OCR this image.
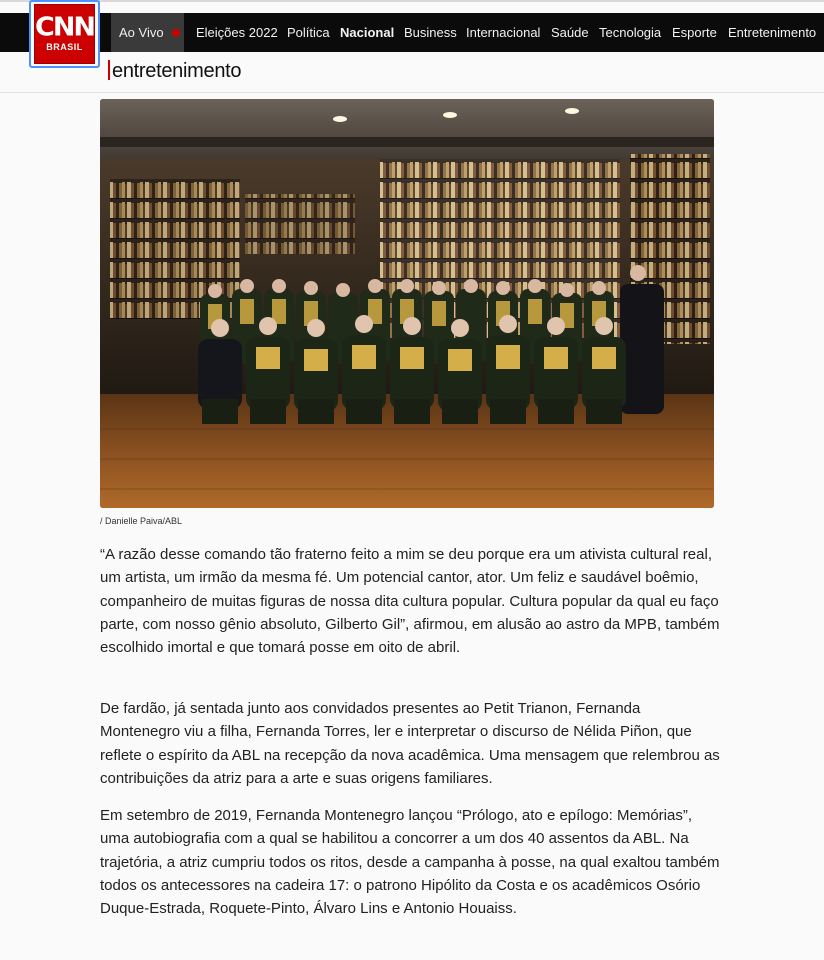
Ao Vivo Eleições 2022 Política Nacional Business Internacional Saúde Tecnologia Esporte Entretenimento
CNN
BRASIL
entretenimento
/ Danielle Paiva/ABL

“A razão desse comando tão fraterno feito a mim se deu porque era um ativista cultural real, um artista, um irmão da mesma fé. Um potencial cantor, ator. Um feliz e saudável boêmio, companheiro de muitas figuras de nossa dita cultura popular. Cultura popular da qual eu faço parte, com nosso gênio absoluto, Gilberto Gil”, afirmou, em alusão ao astro da MPB, também escolhido imortal e que tomará posse em oito de abril.

De fardão, já sentada junto aos convidados presentes ao Petit Trianon, Fernanda Montenegro viu a filha, Fernanda Torres, ler e interpretar o discurso de Nélida Piñon, que reflete o espírito da ABL na recepção da nova acadêmica. Uma mensagem que relembrou as contribuições da atriz para a arte e suas origens familiares.

Em setembro de 2019, Fernanda Montenegro lançou “Prólogo, ato e epílogo: Memórias”, uma autobiografia com a qual se habilitou a concorrer a um dos 40 assentos da ABL. Na trajetória, a atriz cumpriu todos os ritos, desde a campanha à posse, na qual exaltou também todos os antecessores na cadeira 17: o patrono Hipólito da Costa e os acadêmicos Osório Duque-Estrada, Roquete-Pinto, Álvaro Lins e Antonio Houaiss.
